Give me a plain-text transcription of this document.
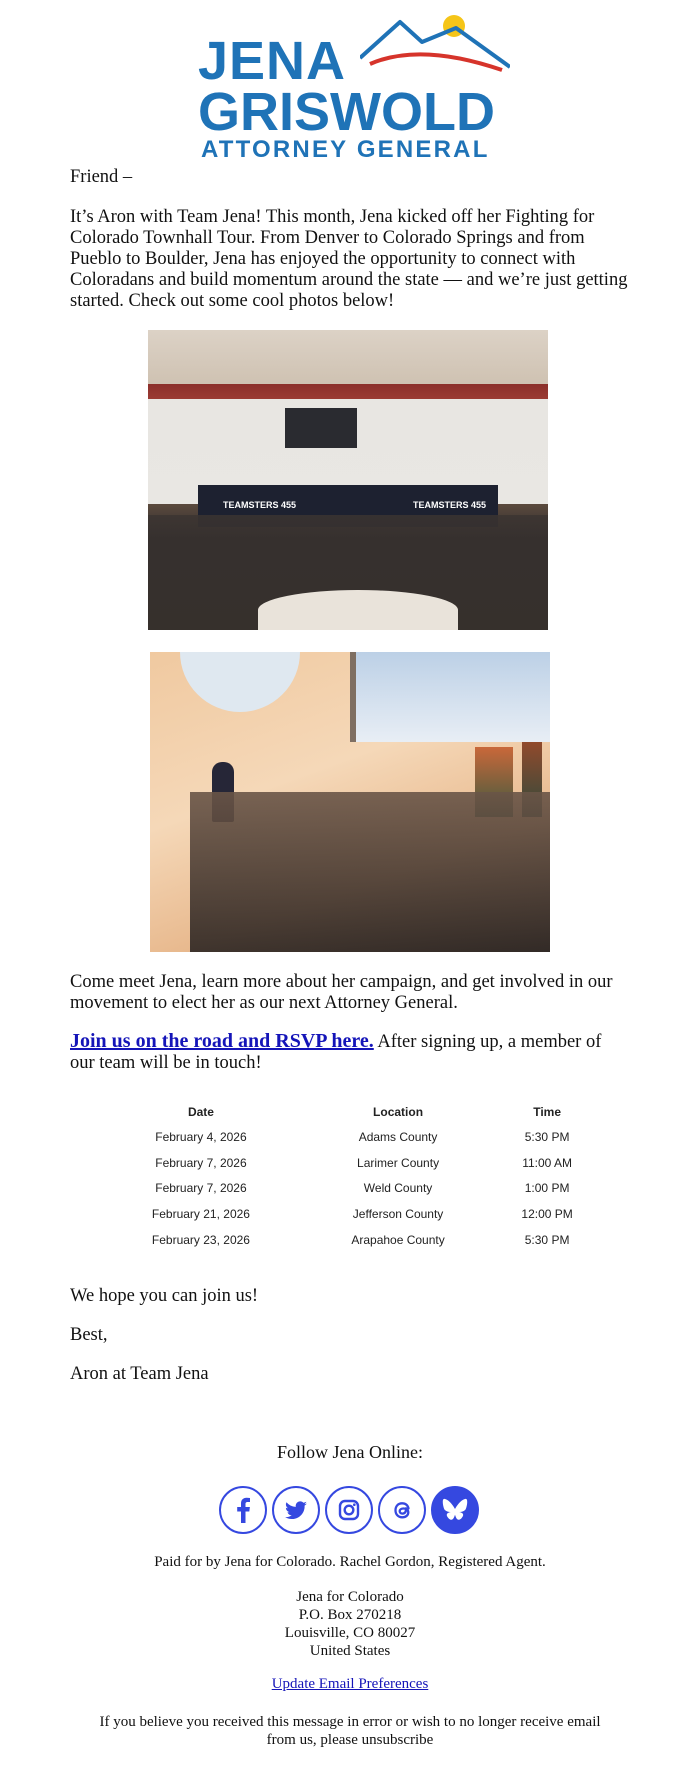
JENA
GRISWOLD
ATTORNEY GENERAL

Friend –

It’s Aron with Team Jena! This month, Jena kicked off her Fighting for Colorado Townhall Tour. From Denver to Colorado Springs and from Pueblo to Boulder, Jena has enjoyed the opportunity to connect with Coloradans and build momentum around the state — and we’re just getting started. Check out some cool photos below!

TEAMSTERS 455	TEAMSTERS 455

Come meet Jena, learn more about her campaign, and get involved in our movement to elect her as our next Attorney General.

Join us on the road and RSVP here. After signing up, a member of our team will be in touch!

Date	Location	Time
February 4, 2026	Adams County	5:30 PM
February 7, 2026	Larimer County	11:00 AM
February 7, 2026	Weld County	1:00 PM
February 21, 2026	Jefferson County	12:00 PM
February 23, 2026	Arapahoe County	5:30 PM

We hope you can join us!

Best,

Aron at Team Jena

Follow Jena Online:
Paid for by Jena for Colorado. Rachel Gordon, Registered Agent.
Jena for Colorado
P.O. Box 270218
Louisville, CO 80027
United States
Update Email Preferences
If you believe you received this message in error or wish to no longer receive email
from us, please unsubscribe
